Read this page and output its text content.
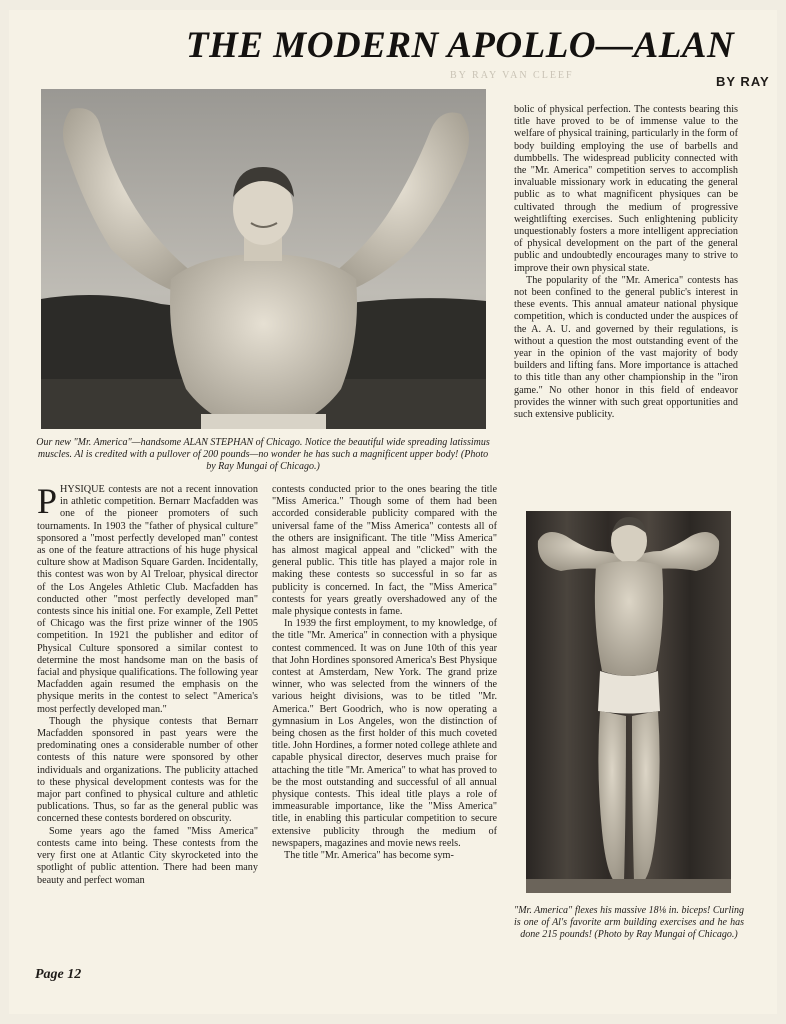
BY RAY VAN CLEEF
THE MODERN APOLLO—ALAN
BY RAY
Our new "Mr. America"—handsome ALAN STEPHAN of Chicago. Notice the beautiful wide spreading latissimus muscles. Al is credited with a pullover of 200 pounds—no wonder he has such a magnificent upper body! (Photo by Ray Mungai of Chicago.)
P HYSIQUE contests are not a recent innovation in athletic competition. Bernarr Macfadden was one of the pioneer promoters of such tournaments. In 1903 the "father of physical culture" sponsored a "most perfectly developed man" contest as one of the feature attractions of his huge physical culture show at Madison Square Garden. Incidentally, this contest was won by Al Treloar, physical director of the Los Angeles Athletic Club. Macfadden has conducted other "most perfectly developed man" contests since his initial one. For example, Zell Pettet of Chicago was the first prize winner of the 1905 competition. In 1921 the publisher and editor of Physical Culture sponsored a similar contest to determine the most handsome man on the basis of facial and physique qualifications. The following year Macfadden again resumed the emphasis on the physique merits in the contest to select "America's most perfectly developed man."

Though the physique contests that Bernarr Macfadden sponsored in past years were the predominating ones a considerable number of other contests of this nature were sponsored by other individuals and organizations. The publicity attached to these physical development contests was for the major part confined to physical culture and athletic publications. Thus, so far as the general public was concerned these contests bordered on obscurity.

Some years ago the famed "Miss America" contests came into being. These contests from the very first one at Atlantic City skyrocketed into the spotlight of public attention. There had been many beauty and perfect woman

contests conducted prior to the ones bearing the title "Miss America." Though some of them had been accorded considerable publicity compared with the universal fame of the "Miss America" contests all of the others are insignificant. The title "Miss America" has almost magical appeal and "clicked" with the general public. This title has played a major role in making these contests so successful in so far as publicity is concerned. In fact, the "Miss America" contests for years greatly overshadowed any of the male physique contests in fame.

In 1939 the first employment, to my knowledge, of the title "Mr. America" in connection with a physique contest commenced. It was on June 10th of this year that John Hordines sponsored America's Best Physique contest at Amsterdam, New York. The grand prize winner, who was selected from the winners of the various height divisions, was to be titled "Mr. America." Bert Goodrich, who is now operating a gymnasium in Los Angeles, won the distinction of being chosen as the first holder of this much coveted title. John Hordines, a former noted college athlete and capable physical director, deserves much praise for attaching the title "Mr. America" to what has proved to be the most outstanding and successful of all annual physique contests. This ideal title plays a role of immeasurable importance, like the "Miss America" title, in enabling this particular competition to secure extensive publicity through the medium of newspapers, magazines and movie news reels.

The title "Mr. America" has become sym-

bolic of physical perfection. The contests bearing this title have proved to be of immense value to the welfare of physical training, particularly in the form of body building employing the use of barbells and dumbbells. The widespread publicity connected with the "Mr. America" competition serves to accomplish invaluable missionary work in educating the general public as to what magnificent physiques can be cultivated through the medium of progressive weightlifting exercises. Such enlightening publicity unquestionably fosters a more intelligent appreciation of physical development on the part of the general public and undoubtedly encourages many to strive to improve their own physical state.

The popularity of the "Mr. America" contests has not been confined to the general public's interest in these events. This annual amateur national physique competition, which is conducted under the auspices of the A. A. U. and governed by their regulations, is without a question the most outstanding event of the year in the opinion of the vast majority of body builders and lifting fans. More importance is attached to this title than any other championship in the "iron game." No other honor in this field of endeavor provides the winner with such great opportunities and such extensive publicity.

"Mr. America" flexes his massive 18⅛ in. biceps! Curling is one of Al's favorite arm building exercises and he has done 215 pounds! (Photo by Ray Mungai of Chicago.)
Page 12
